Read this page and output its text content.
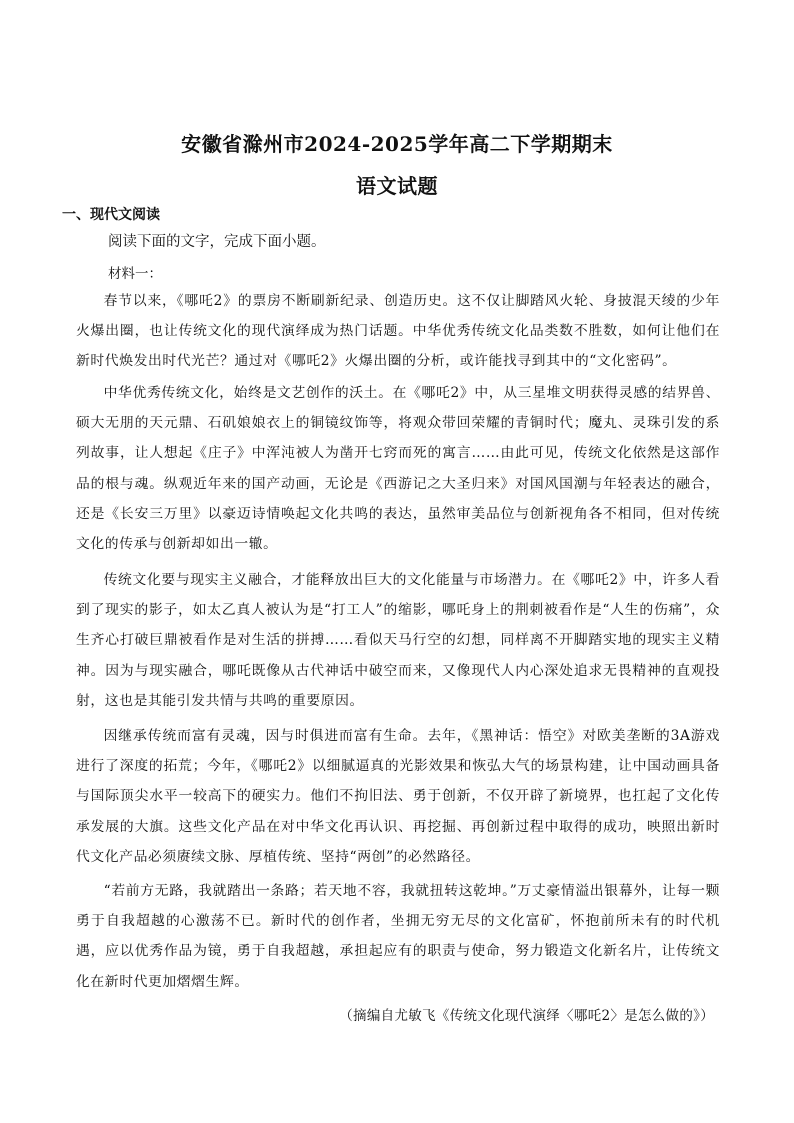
安徽省滁州市2024-2025学年高二下学期期末
语文试题
一、现代文阅读
阅读下面的文字，完成下面小题。
材料一：

春节以来，《哪吒2》的票房不断刷新纪录、创造历史。这不仅让脚踏风火轮、身披混天绫的少年火爆出圈，也让传统文化的现代演绎成为热门话题。中华优秀传统文化品类数不胜数，如何让他们在新时代焕发出时代光芒？通过对《哪吒2》火爆出圈的分析，或许能找寻到其中的“文化密码”。

中华优秀传统文化，始终是文艺创作的沃土。在《哪吒2》中，从三星堆文明获得灵感的结界兽、硕大无朋的天元鼎、石矶娘娘衣上的铜镜纹饰等，将观众带回荣耀的青铜时代；魔丸、灵珠引发的系列故事，让人想起《庄子》中浑沌被人为凿开七窍而死的寓言……由此可见，传统文化依然是这部作品的根与魂。纵观近年来的国产动画，无论是《西游记之大圣归来》对国风国潮与年轻表达的融合，还是《长安三万里》以豪迈诗情唤起文化共鸣的表达，虽然审美品位与创新视角各不相同，但对传统文化的传承与创新却如出一辙。

传统文化要与现实主义融合，才能释放出巨大的文化能量与市场潜力。在《哪吒2》中，许多人看到了现实的影子，如太乙真人被认为是“打工人”的缩影，哪吒身上的荆刺被看作是“人生的伤痛”，众生齐心打破巨鼎被看作是对生活的拼搏……看似天马行空的幻想，同样离不开脚踏实地的现实主义精神。因为与现实融合，哪吒既像从古代神话中破空而来，又像现代人内心深处追求无畏精神的直观投射，这也是其能引发共情与共鸣的重要原因。

因继承传统而富有灵魂，因与时俱进而富有生命。去年，《黑神话：悟空》对欧美垄断的3A游戏进行了深度的拓荒；今年，《哪吒2》以细腻逼真的光影效果和恢弘大气的场景构建，让中国动画具备与国际顶尖水平一较高下的硬实力。他们不拘旧法、勇于创新，不仅开辟了新境界，也扛起了文化传承发展的大旗。这些文化产品在对中华文化再认识、再挖掘、再创新过程中取得的成功，映照出新时代文化产品必须赓续文脉、厚植传统、坚持“两创”的必然路径。

“若前方无路，我就踏出一条路；若天地不容，我就扭转这乾坤。”万丈豪情溢出银幕外，让每一颗勇于自我超越的心激荡不已。新时代的创作者，坐拥无穷无尽的文化富矿，怀抱前所未有的时代机遇，应以优秀作品为镜，勇于自我超越，承担起应有的职责与使命，努力锻造文化新名片，让传统文化在新时代更加熠熠生辉。

（摘编自尤敏飞《传统文化现代演绎〈哪吒2〉是怎么做的》）
